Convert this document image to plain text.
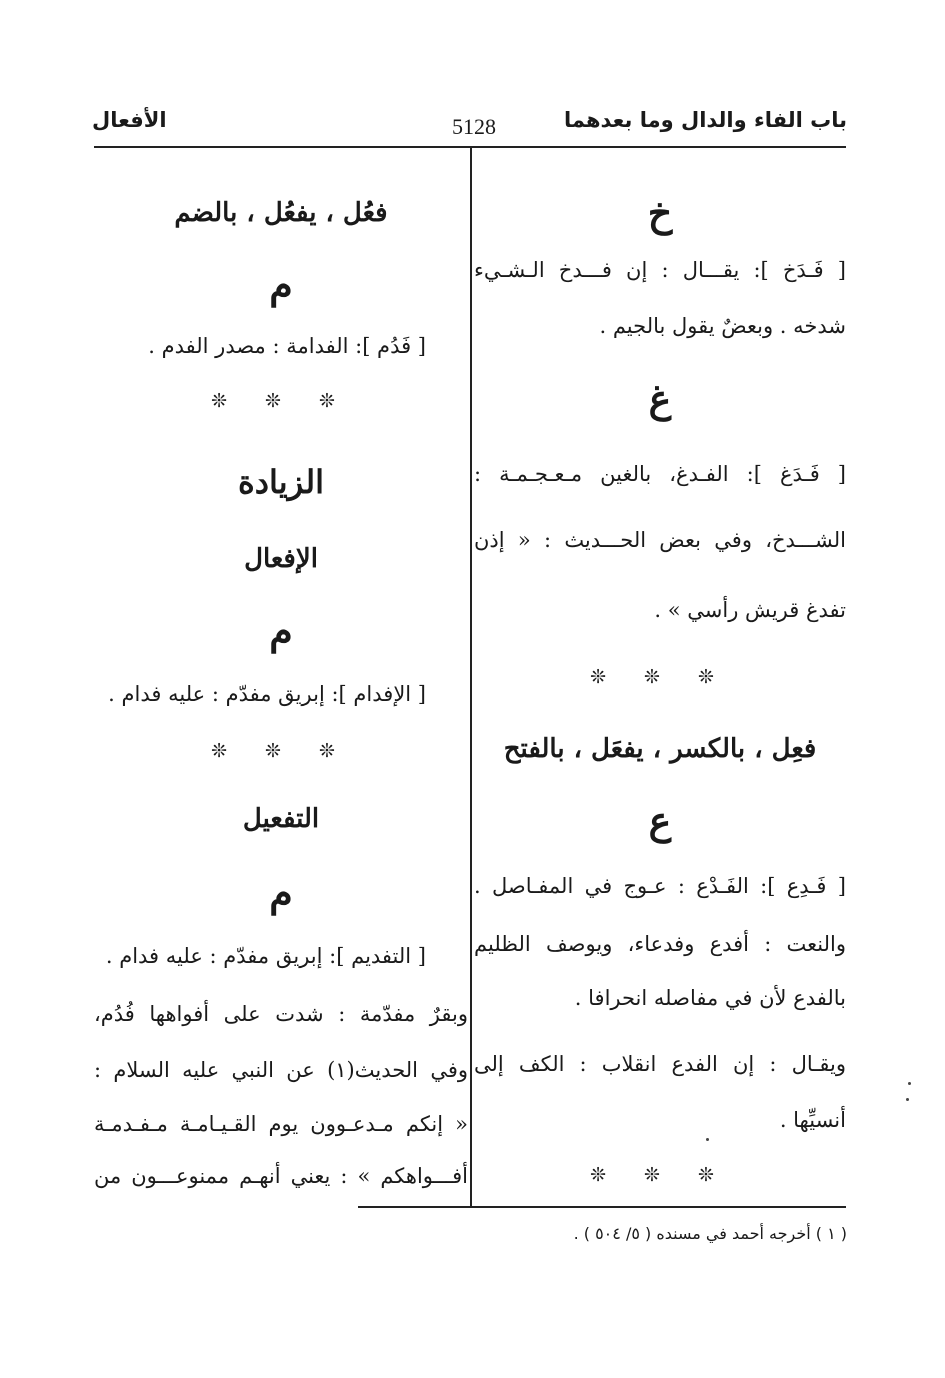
باب الفاء والدال وما بعدهما
5128
الأفعال
خ
[ فَـدَخ ]: يقـــال : إن فـــدخ الـشـيء
شدخه . وبعضٌ يقول بالجيم .
غ
[ فَـدَغ ]: الفـدغ، بالغين مـعـجـمـة :
الشـــدخ، وفي بعض الحـــديث : « إذن
تفدغ قريش رأسي » .
❊ ❊ ❊
فعِل ، بالكسر ، يفعَل ، بالفتح
ع
[ فَـدِع ]: الفَـدْع : عـوج في المفـاصل .
والنعت : أفدع وفدعاء، ويوصف الظليم
بالفدع لأن في مفاصله انحرافا .
ويقـال : إن الفدع انقلاب : الكف إلى
أنسيِّها .
❊ ❊ ❊
فعُل ، يفعُل ، بالضم
م
[ فَدُم ]: الفدامة : مصدر الفدم .
❊ ❊ ❊
الزيادة
الإفعال
م
[ الإفدام ]: إبريق مفدّم : عليه فدام .
❊ ❊ ❊
التفعيل
م
[ التفديم ]: إبريق مفدّم : عليه فدام .
وبقرٌ مفدّمة : شدت على أفواهها فُدُم،
وفي الحديث(١) عن النبي عليه السلام :
« إنكم مـدعـوون يوم القـيـامـة مـفـدمـة
أفـــواهكم » : يعني أنهـم ممنوعـــون من
( ١ ) أخرجه أحمد في مسنده ( ٥/ ٥٠٤ ) .
